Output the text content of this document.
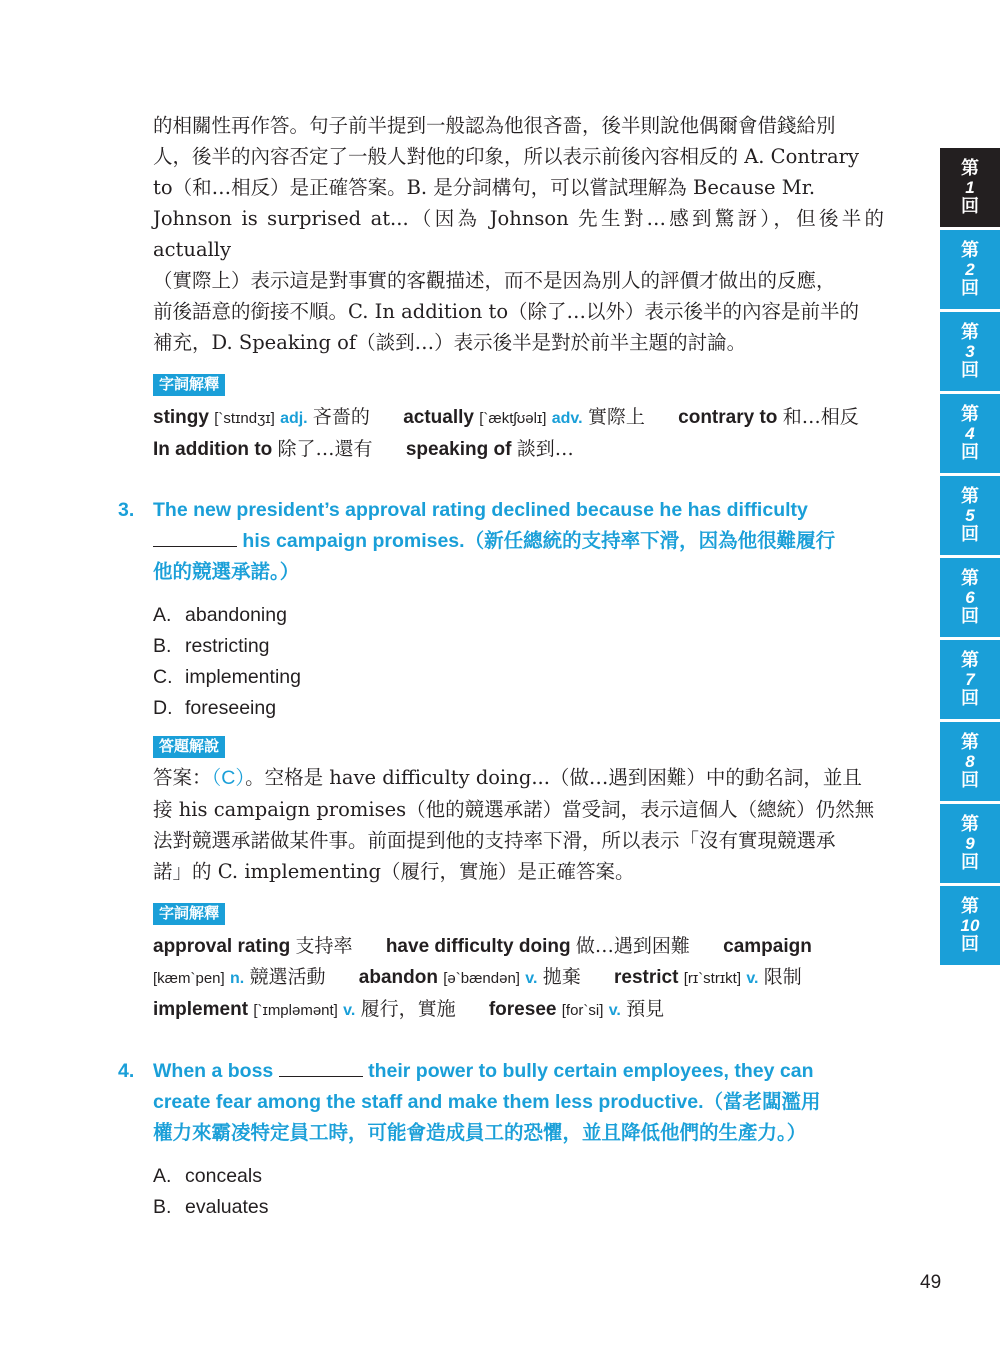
的相關性再作答。句子前半提到一般認為他很吝嗇，後半則說他偶爾會借錢給別
人，後半的內容否定了一般人對他的印象，所以表示前後內容相反的 A. Contrary
to（和…相反）是正確答案。B. 是分詞構句，可以嘗試理解為 Because Mr.
Johnson is surprised at...（因為 Johnson 先生對…感到驚訝），但後半的 actually
（實際上）表示這是對事實的客觀描述，而不是因為別人的評價才做出的反應，
前後語意的銜接不順。C. In addition to（除了…以外）表示後半的內容是前半的
補充，D. Speaking of（談到…）表示後半是對於前半主題的討論。
字詞解釋
stingy [`stɪndʒɪ] adj. 吝嗇的 actually [`æktʃʊəlɪ] adv. 實際上 contrary to 和…相反
In addition to 除了…還有 speaking of 談到…
3. The new president’s approval rating declined because he has difficulty
his campaign promises.（新任總統的支持率下滑，因為他很難履行
他的競選承諾。）
A. abandoning
B. restricting
C. implementing
D. foreseeing
答題解說
答案：（C）。空格是 have difficulty doing...（做…遇到困難）中的動名詞，並且
接 his campaign promises（他的競選承諾）當受詞，表示這個人（總統）仍然無
法對競選承諾做某件事。前面提到他的支持率下滑，所以表示「沒有實現競選承
諾」的 C. implementing（履行，實施）是正確答案。
字詞解釋
approval rating 支持率 have difficulty doing 做…遇到困難 campaign
[kæm`pen] n. 競選活動 abandon [ə`bændən] v. 拋棄 restrict [rɪ`strɪkt] v. 限制
implement [`ɪmpləmənt] v. 履行，實施 foresee [for`si] v. 預見
4. When a boss	their power to bully certain employees, they can
create fear among the staff and make them less productive.（當老闆濫用
權力來霸凌特定員工時，可能會造成員工的恐懼，並且降低他們的生產力。）
A. conceals
B. evaluates
第
1
回
第
2
回
第
3
回
第
4
回
第
5
回
第
6
回
第
7
回
第
8
回
第
9
回
第
10
回
49
